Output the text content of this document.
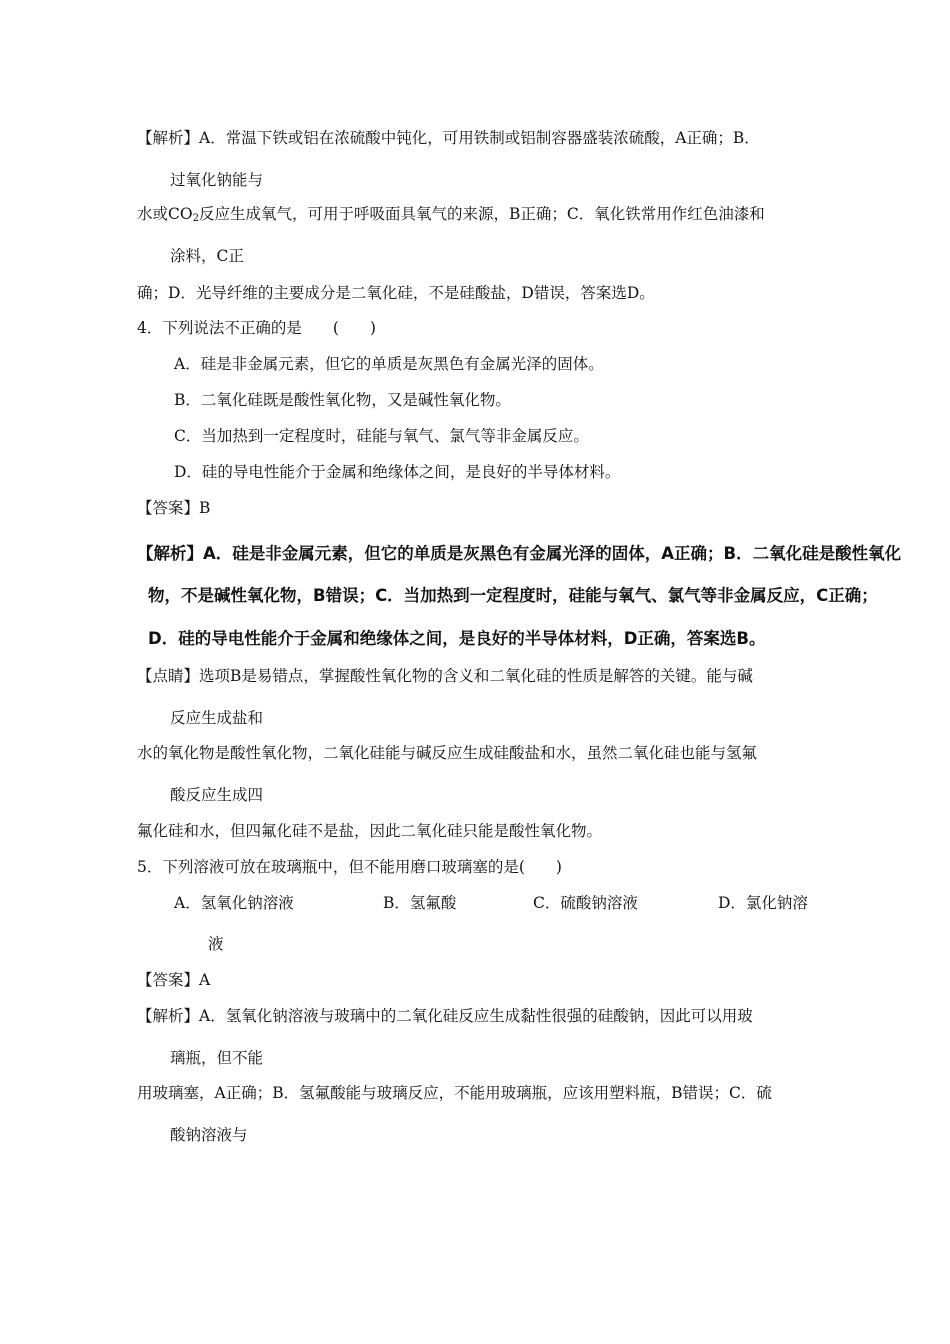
【解析】A．常温下铁或铝在浓硫酸中钝化，可用铁制或铝制容器盛装浓硫酸，A正确；B．
过氧化钠能与
水或$CO_2$反应生成氧气，可用于呼吸面具氧气的来源，B正确；C．氧化铁常用作红色油漆和
涂料，C正
确；D．光导纤维的主要成分是二氧化硅，不是硅酸盐，D错误，答案选D。
4．下列说法不正确的是　　(　　)
A．硅是非金属元素，但它的单质是灰黑色有金属光泽的固体。
B．二氧化硅既是酸性氧化物，又是碱性氧化物。
C．当加热到一定程度时，硅能与氧气、氯气等非金属反应。
D．硅的导电性能介于金属和绝缘体之间，是良好的半导体材料。
【答案】B
【解析】A．硅是非金属元素，但它的单质是灰黑色有金属光泽的固体，A正确；B．二氧化硅是酸性氧化
物，不是碱性氧化物，B错误；C．当加热到一定程度时，硅能与氧气、氯气等非金属反应，C正确；
D．硅的导电性能介于金属和绝缘体之间，是良好的半导体材料，D正确，答案选B。
【点睛】选项B是易错点，掌握酸性氧化物的含义和二氧化硅的性质是解答的关键。能与碱
反应生成盐和
水的氧化物是酸性氧化物，二氧化硅能与碱反应生成硅酸盐和水，虽然二氧化硅也能与氢氟
酸反应生成四
氟化硅和水，但四氟化硅不是盐，因此二氧化硅只能是酸性氧化物。
5．下列溶液可放在玻璃瓶中，但不能用磨口玻璃塞的是(　　)
A．氢氧化钠溶液	B．氢氟酸	C．硫酸钠溶液	D．氯化钠溶
液
【答案】A
【解析】A．氢氧化钠溶液与玻璃中的二氧化硅反应生成黏性很强的硅酸钠，因此可以用玻
璃瓶，但不能
用玻璃塞，A正确；B．氢氟酸能与玻璃反应，不能用玻璃瓶，应该用塑料瓶，B错误；C．硫
酸钠溶液与
